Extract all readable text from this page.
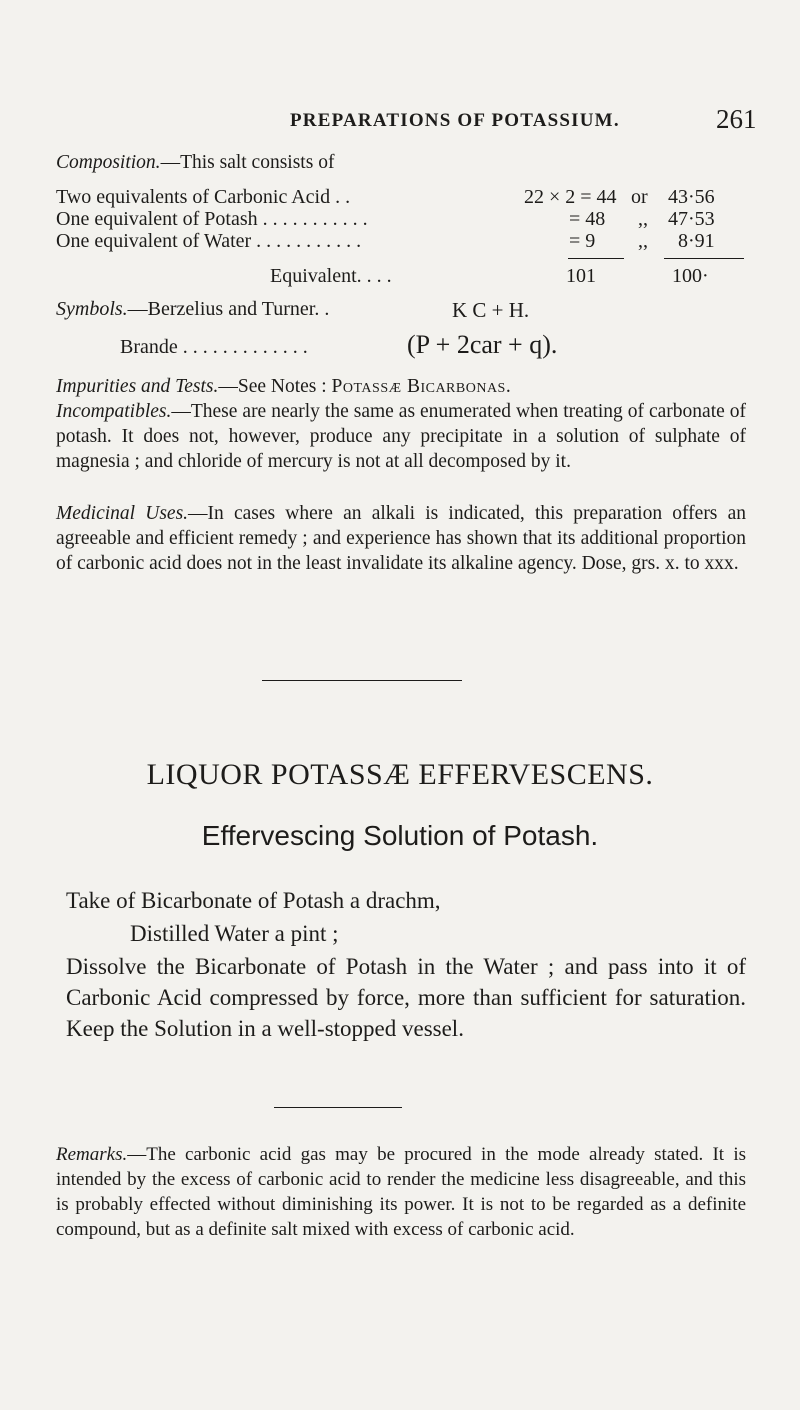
PREPARATIONS OF POTASSIUM.	261
Composition.—This salt consists of
Two equivalents of Carbonic Acid . .	22 × 2 = 44 or 43·56
One equivalent of Potash . . . . . . . . . . .	= 48 ,, 47·53
One equivalent of Water . . . . . . . . . . .	= 9 ,, 8·91
Equivalent. . . .	101	100·
Symbols.—Berzelius and Turner. .	K C + H.
Brande . . . . . . . . . . . . .	(P + 2car + q).
Impurities and Tests.—See Notes : Potassæ Bicarbonas.
Incompatibles.—These are nearly the same as enumerated when treating of carbonate of potash. It does not, however, produce any precipitate in a solution of sulphate of magnesia ; and chloride of mercury is not at all decomposed by it.
Medicinal Uses.—In cases where an alkali is indicated, this preparation offers an agreeable and efficient remedy ; and experience has shown that its additional proportion of carbonic acid does not in the least invalidate its alkaline agency. Dose, grs. x. to xxx.
LIQUOR POTASSÆ EFFERVESCENS.
Effervescing Solution of Potash.
Take of Bicarbonate of Potash a drachm,
Distilled Water a pint ;
Dissolve the Bicarbonate of Potash in the Water ; and pass into it of Carbonic Acid compressed by force, more than sufficient for saturation. Keep the Solution in a well-stopped vessel.
Remarks.—The carbonic acid gas may be procured in the mode already stated. It is intended by the excess of carbonic acid to render the medicine less disagreeable, and this is probably effected without diminishing its power. It is not to be regarded as a definite compound, but as a definite salt mixed with excess of carbonic acid.
